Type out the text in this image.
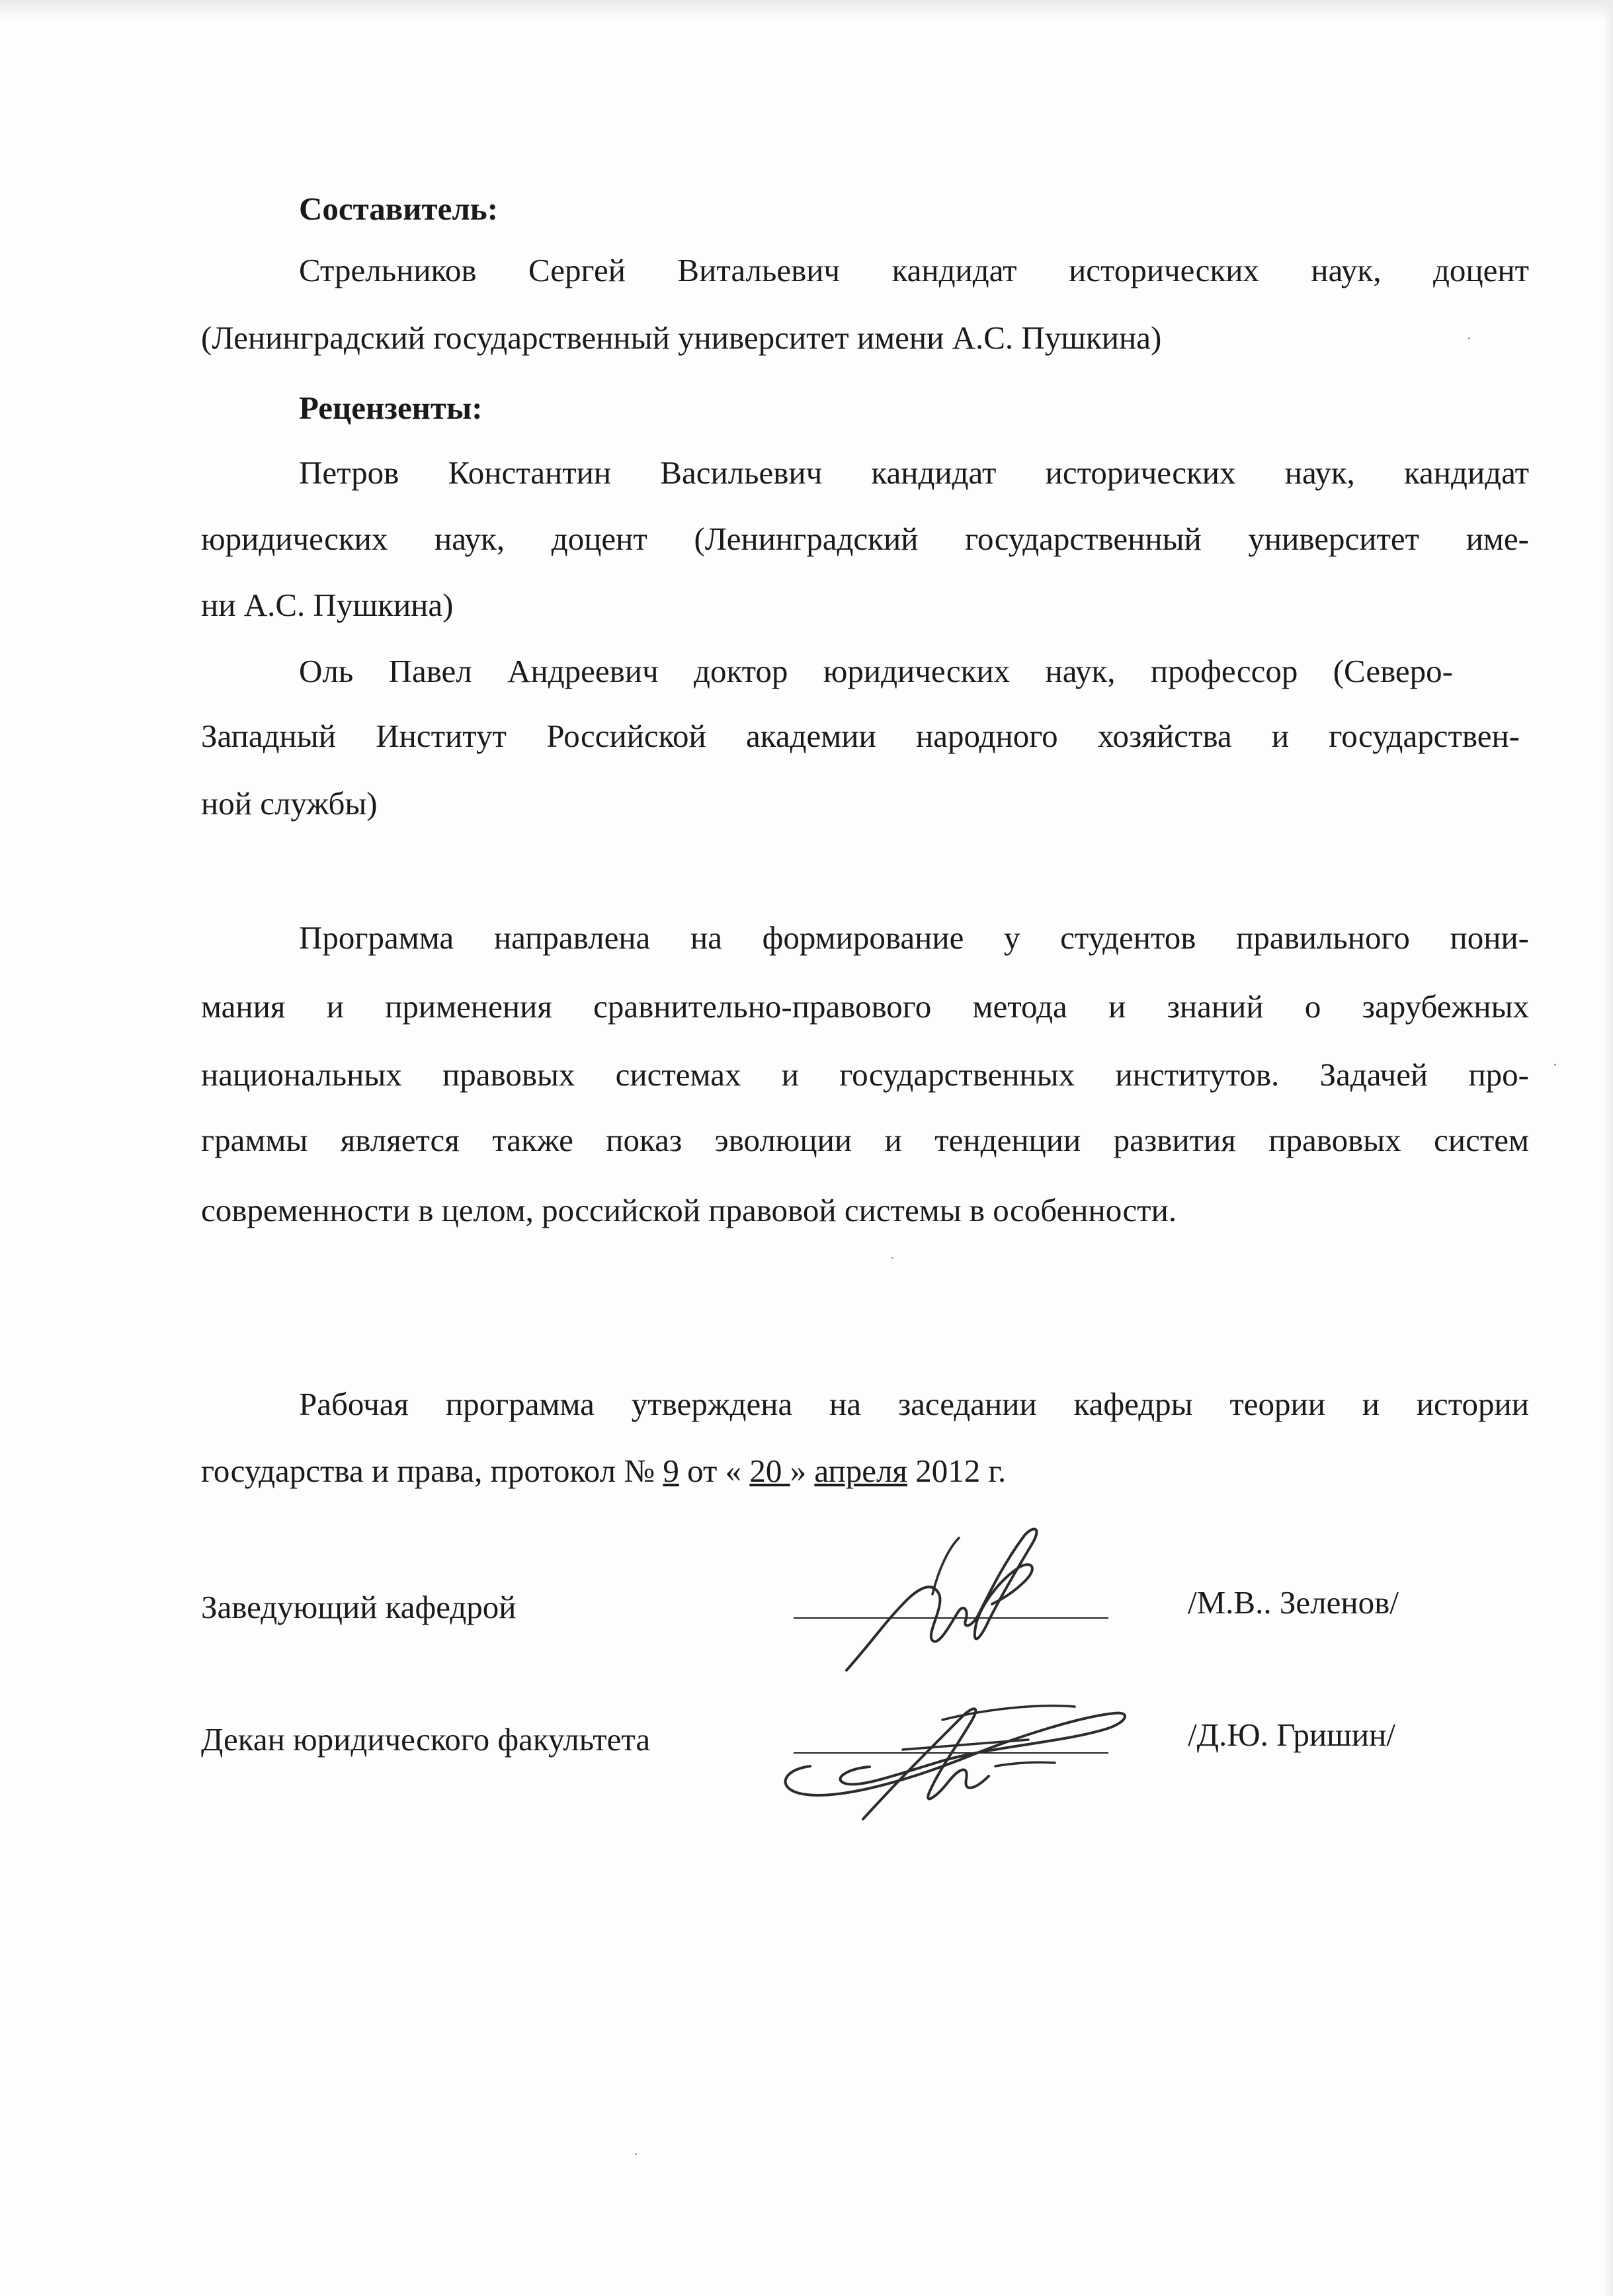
Составитель:
Стрельников Сергей Витальевич кандидат исторических наук, доцент
(Ленинградский государственный университет имени А.С. Пушкина)
Рецензенты:
Петров Константин Васильевич кандидат исторических наук, кандидат
юридических наук, доцент (Ленинградский государственный университет име-
ни А.С. Пушкина)
Оль Павел Андреевич доктор юридических наук, профессор (Северо-
Западный Институт Российской академии народного хозяйства и государствен-
ной службы)
Программа направлена на формирование у студентов правильного пони-
мания и применения сравнительно-правового метода и знаний о зарубежных
национальных правовых системах и государственных институтов. Задачей про-
граммы является также показ эволюции и тенденции развития правовых систем
современности в целом, российской правовой системы в особенности.
Рабочая программа утверждена на заседании кафедры теории и истории
государства и права, протокол № 9 от « 20 » апреля 2012 г.
Заведующий кафедрой	/М.В.. Зеленов/
Декан юридического факультета	/Д.Ю. Гришин/
